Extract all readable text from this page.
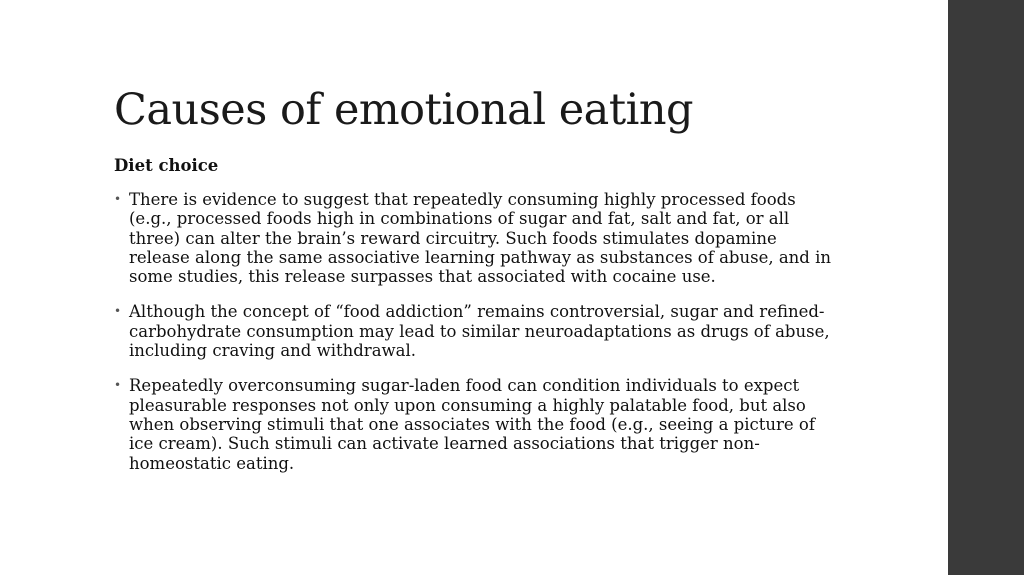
Causes of emotional eating

Diet choice

• There is evidence to suggest that repeatedly consuming highly processed foods (e.g., processed foods high in combinations of sugar and fat, salt and fat, or all three) can alter the brain’s reward circuitry. Such foods stimulates dopamine release along the same associative learning pathway as substances of abuse, and in some studies, this release surpasses that associated with cocaine use.
• Although the concept of “food addiction” remains controversial, sugar and refined-carbohydrate consumption may lead to similar neuroadaptations as drugs of abuse, including craving and withdrawal.
• Repeatedly overconsuming sugar-laden food can condition individuals to expect pleasurable responses not only upon consuming a highly palatable food, but also when observing stimuli that one associates with the food (e.g., seeing a picture of ice cream). Such stimuli can activate learned associations that trigger non-homeostatic eating.
